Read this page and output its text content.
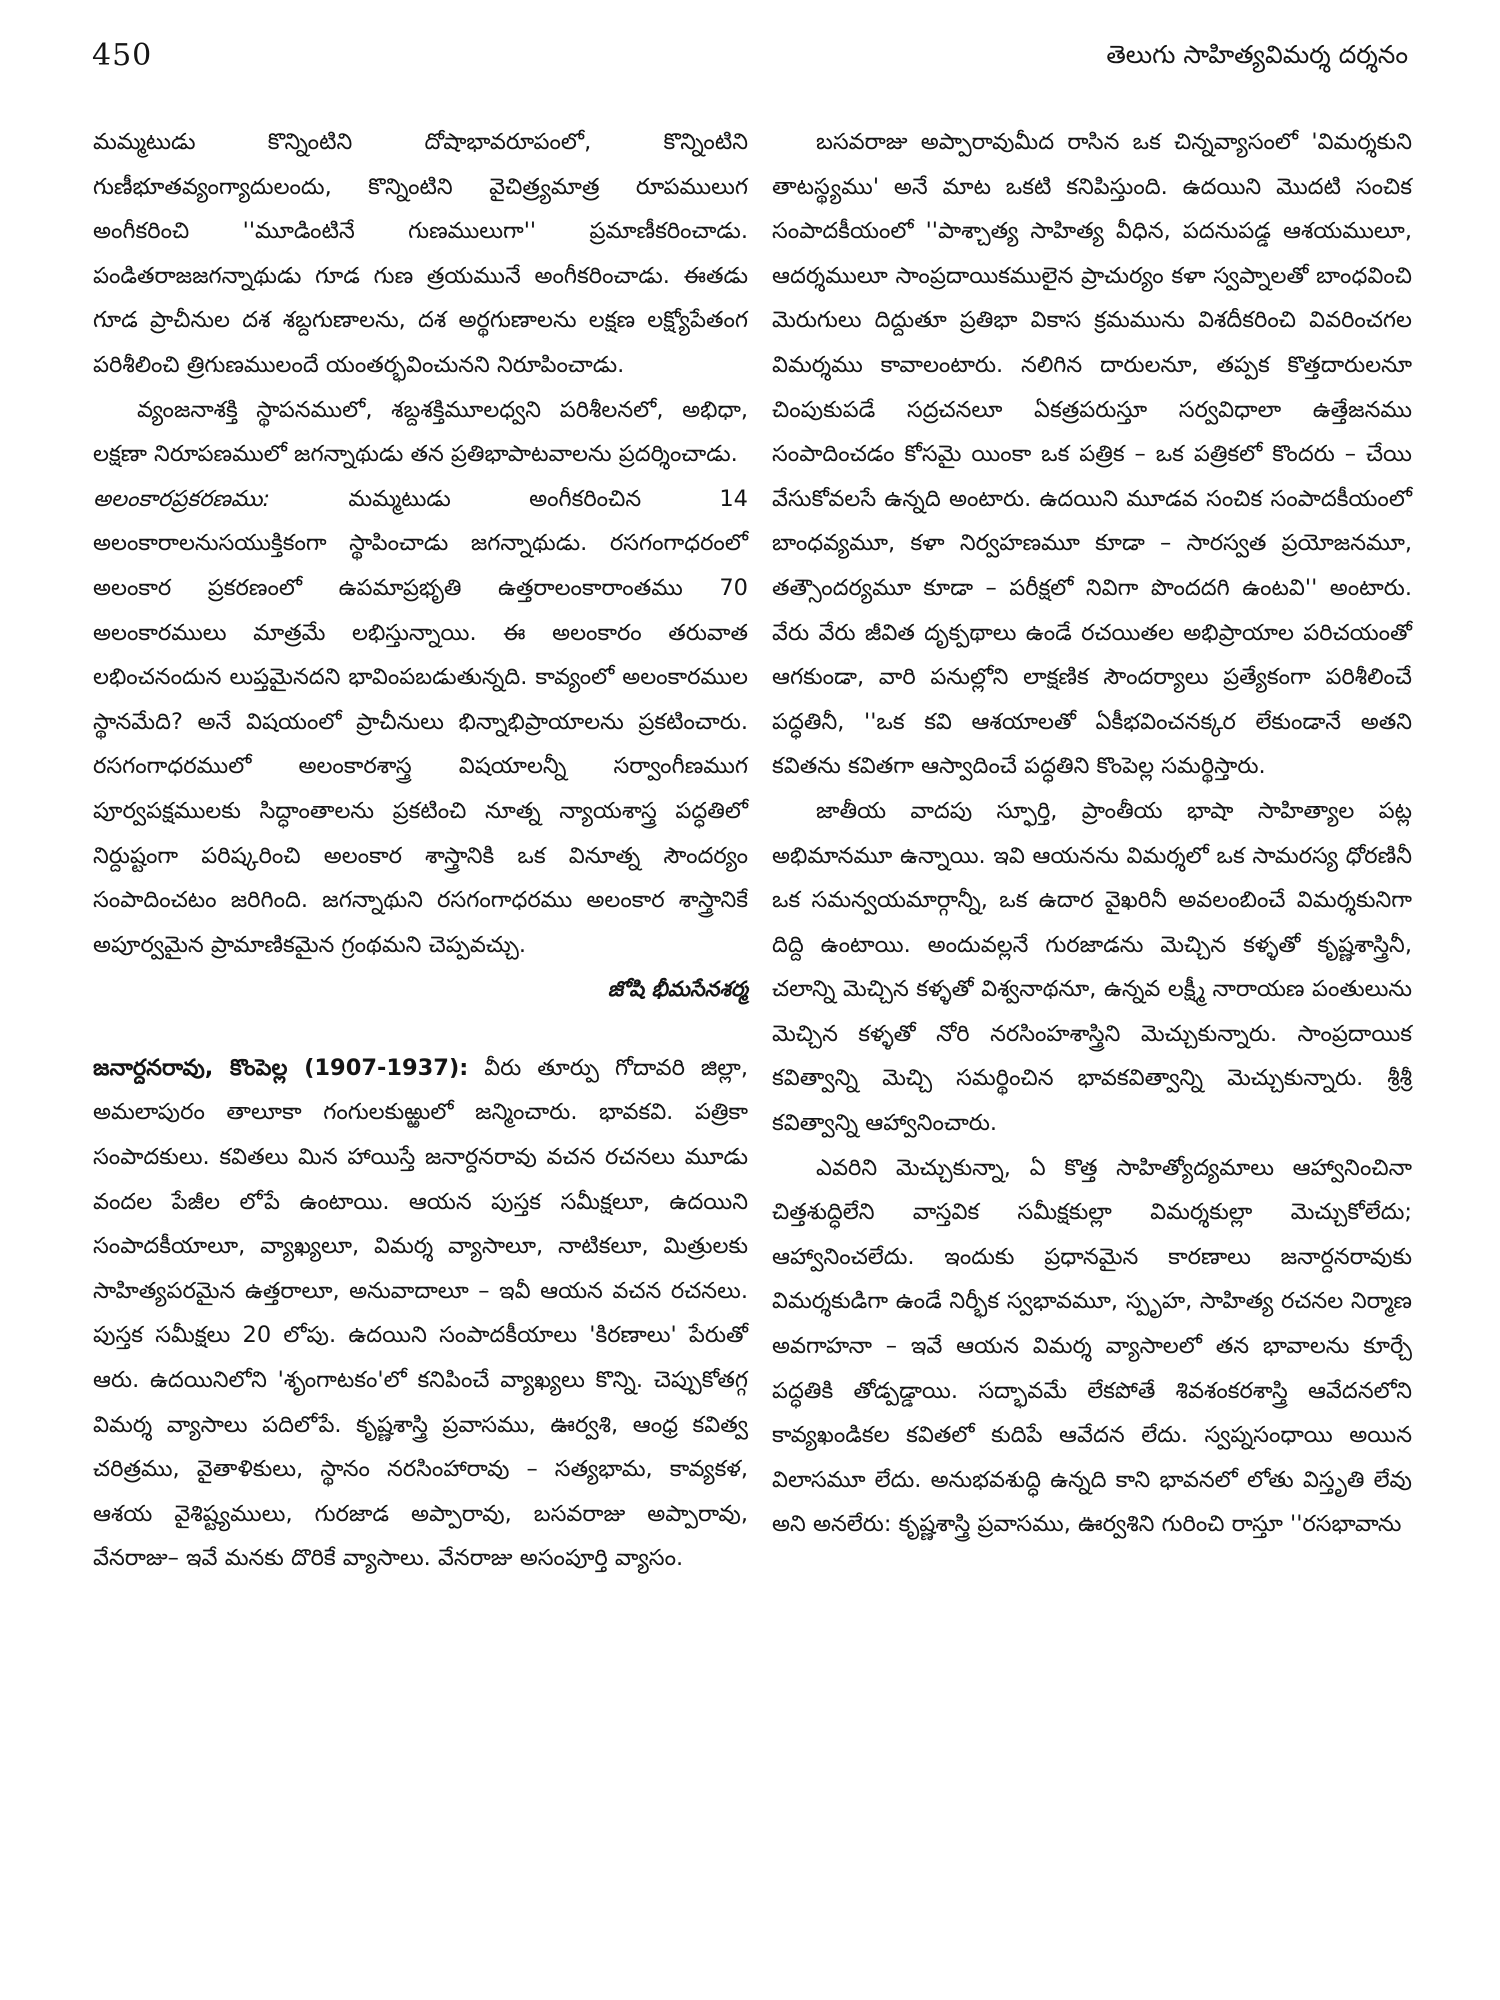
450	తెలుగు సాహిత్యవిమర్శ దర్శనం

మమ్మటుడు కొన్నింటిని దోషాభావరూపంలో, కొన్నింటిని గుణీభూతవ్యంగ్యాదులందు, కొన్నింటిని వైచిత్ర్యమాత్ర రూపములుగ అంగీకరించి ''మూడింటినే గుణములుగా'' ప్రమాణీకరించాడు. పండితరాజజగన్నాథుడు గూడ గుణ త్రయమునే అంగీకరించాడు. ఈతడు గూడ ప్రాచీనుల దశ శబ్దగుణాలను, దశ అర్థగుణాలను లక్షణ లక్ష్యోపేతంగ పరిశీలించి త్రిగుణములందే యంతర్భవించునని నిరూపించాడు.

వ్యంజనాశక్తి స్థాపనములో, శబ్దశక్తిమూలధ్వని పరిశీలనలో, అభిధా, లక్షణా నిరూపణములో జగన్నాథుడు తన ప్రతిభాపాటవాలను ప్రదర్శించాడు.

అలంకారప్రకరణము:	మమ్మటుడు అంగీకరించిన 14 అలంకారాలనుసయుక్తికంగా స్థాపించాడు జగన్నాథుడు. రసగంగాధరంలో అలంకార ప్రకరణంలో ఉపమాప్రభృతి ఉత్తరాలంకారాంతము 70 అలంకారములు మాత్రమే లభిస్తున్నాయి. ఈ అలంకారం తరువాత లభించనందున లుప్తమైనదని భావింపబడుతున్నది. కావ్యంలో అలంకారముల స్థానమేది? అనే విషయంలో ప్రాచీనులు భిన్నాభిప్రాయాలను ప్రకటించారు. రసగంగాధరములో అలంకారశాస్త్ర విషయాలన్నీ సర్వాంగీణముగ పూర్వపక్షములకు సిద్ధాంతాలను ప్రకటించి నూత్న న్యాయశాస్త్ర పద్ధతిలో నిర్దుష్టంగా పరిష్కరించి అలంకార శాస్త్రానికి ఒక వినూత్న సౌందర్యం సంపాదించటం జరిగింది. జగన్నాథుని రసగంగాధరము అలంకార శాస్త్రానికే అపూర్వమైన ప్రామాణికమైన గ్రంథమని చెప్పవచ్చు.

జోషి భీమసేనశర్మ

జనార్దనరావు, కొంపెల్ల (1907-1937): వీరు తూర్పు గోదావరి జిల్లా, అమలాపురం తాలూకా గంగులకుఱ్ఱులో జన్మించారు. భావకవి. పత్రికా సంపాదకులు. కవితలు మిన హాయిస్తే జనార్దనరావు వచన రచనలు మూడు వందల పేజీల లోపే ఉంటాయి. ఆయన పుస్తక సమీక్షలూ, ఉదయిని సంపాదకీయాలూ, వ్యాఖ్యలూ, విమర్శ వ్యాసాలూ, నాటికలూ, మిత్రులకు సాహిత్యపరమైన ఉత్తరాలూ, అనువాదాలూ – ఇవీ ఆయన వచన రచనలు. పుస్తక సమీక్షలు 20 లోపు. ఉదయిని సంపాదకీయాలు 'కిరణాలు' పేరుతో ఆరు. ఉదయినిలోని 'శృంగాటకం'లో కనిపించే వ్యాఖ్యలు కొన్ని. చెప్పుకోతగ్గ విమర్శ వ్యాసాలు పదిలోపే. కృష్ణశాస్త్రి ప్రవాసము, ఊర్వశి, ఆంధ్ర కవిత్వ చరిత్రము, వైతాళికులు, స్థానం నరసింహారావు – సత్యభామ, కావ్యకళ, ఆశయ వైశిష్ట్యములు, గురజాడ అప్పారావు, బసవరాజు అప్పారావు, వేనరాజు– ఇవే మనకు దొరికే వ్యాసాలు. వేనరాజు అసంపూర్తి వ్యాసం.

బసవరాజు అప్పారావుమీద రాసిన ఒక చిన్నవ్యాసంలో 'విమర్శకుని తాటస్థ్యము' అనే మాట ఒకటి కనిపిస్తుంది. ఉదయిని మొదటి సంచిక సంపాదకీయంలో ''పాశ్చాత్య సాహిత్య వీధిన, పదనుపడ్డ ఆశయములూ, ఆదర్శములూ సాంప్రదాయికములైన ప్రాచుర్యం కళా స్వప్నాలతో బాంధవించి మెరుగులు దిద్దుతూ ప్రతిభా వికాస క్రమమును విశదీకరించి వివరించగల విమర్శము కావాలంటారు. నలిగిన దారులనూ, తప్పక కొత్తదారులనూ చింపుకుపడే సద్రచనలూ ఏకత్రపరుస్తూ సర్వవిధాలా ఉత్తేజనము సంపాదించడం కోసమై యింకా ఒక పత్రిక – ఒక పత్రికలో కొందరు – చేయి వేసుకోవలసే ఉన్నది అంటారు. ఉదయిని మూడవ సంచిక సంపాదకీయంలో బాంధవ్యమూ, కళా నిర్వహణమూ కూడా – సారస్వత ప్రయోజనమూ, తత్సౌందర్యమూ కూడా – పరీక్షలో నివిగా పొందదగి ఉంటవి'' అంటారు. వేరు వేరు జీవిత దృక్పథాలు ఉండే రచయితల అభిప్రాయాల పరిచయంతో ఆగకుండా, వారి పనుల్లోని లాక్షణిక సౌందర్యాలు ప్రత్యేకంగా పరిశీలించే పద్ధతినీ, ''ఒక కవి ఆశయాలతో ఏకీభవించనక్కర లేకుండానే అతని కవితను కవితగా ఆస్వాదించే పద్ధతిని కొంపెల్ల సమర్థిస్తారు.

జాతీయ వాదపు స్ఫూర్తి, ప్రాంతీయ భాషా సాహిత్యాల పట్ల అభిమానమూ ఉన్నాయి. ఇవి ఆయనను విమర్శలో ఒక సామరస్య ధోరణినీ ఒక సమన్వయమార్గాన్నీ, ఒక ఉదార వైఖరినీ అవలంబించే విమర్శకునిగా దిద్ది ఉంటాయి. అందువల్లనే గురజాడను మెచ్చిన కళ్ళతో కృష్ణశాస్త్రినీ, చలాన్ని మెచ్చిన కళ్ళతో విశ్వనాథనూ, ఉన్నవ లక్ష్మీ నారాయణ పంతులును మెచ్చిన కళ్ళతో నోరి నరసింహశాస్త్రిని మెచ్చుకున్నారు. సాంప్రదాయిక కవిత్వాన్ని మెచ్చి సమర్థించిన భావకవిత్వాన్ని మెచ్చుకున్నారు. శ్రీశ్రీ కవిత్వాన్ని ఆహ్వానించారు.

ఎవరిని మెచ్చుకున్నా, ఏ కొత్త సాహిత్యోద్యమాలు ఆహ్వానించినా చిత్తశుద్ధిలేని వాస్తవిక సమీక్షకుల్లా విమర్శకుల్లా మెచ్చుకోలేదు; ఆహ్వానించలేదు. ఇందుకు ప్రధానమైన కారణాలు జనార్దనరావుకు విమర్శకుడిగా ఉండే నిర్భీక స్వభావమూ, స్పృహ, సాహిత్య రచనల నిర్మాణ అవగాహనా – ఇవే ఆయన విమర్శ వ్యాసాలలో తన భావాలను కూర్చే పద్ధతికి తోడ్పడ్డాయి. సద్భావమే లేకపోతే శివశంకరశాస్త్రి ఆవేదనలోని కావ్యఖండికల కవితలో కుదిపే ఆవేదన లేదు. స్వప్నసంధాయి అయిన విలాసమూ లేదు. అనుభవశుద్ధి ఉన్నది కాని భావనలో లోతు విస్తృతి లేవు అని అనలేరు: కృష్ణశాస్త్రి ప్రవాసము, ఊర్వశిని గురించి రాస్తూ ''రసభావాను
